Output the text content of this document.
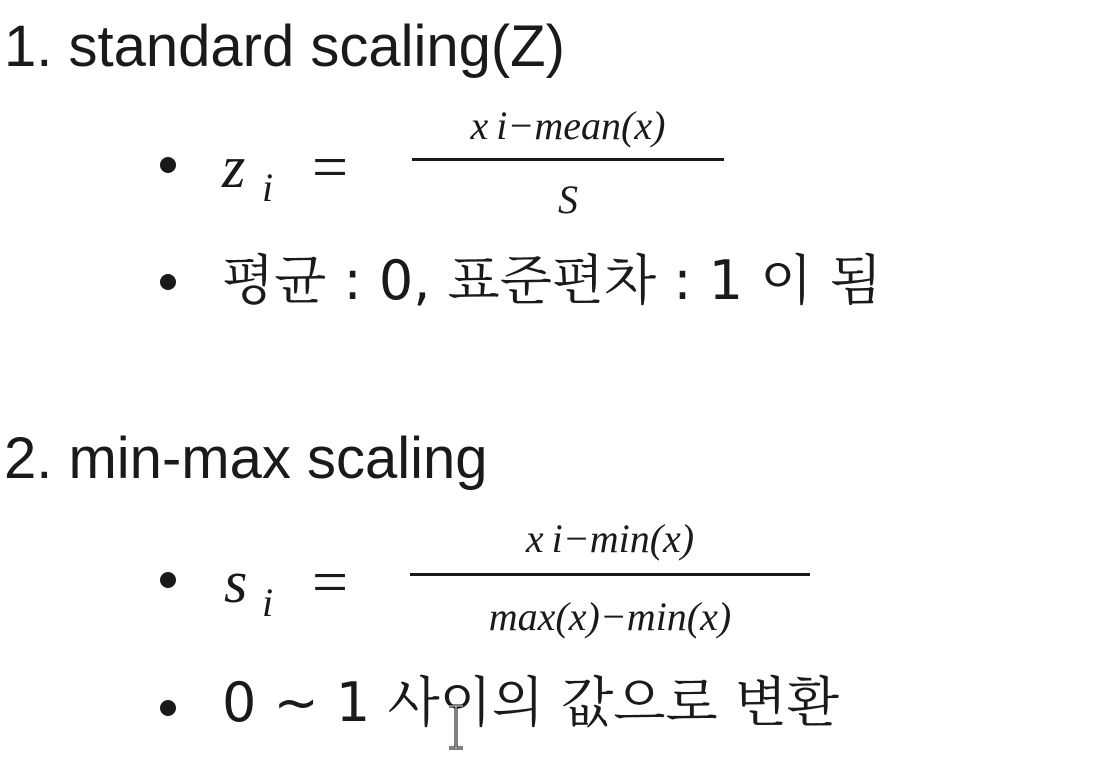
1. standard scaling(Z)
z i =
x i−mean(x)
S
평균 : 0, 표준편차 : 1 이 됨
2. min-max scaling
s i =
x i−min(x)
max(x)−min(x)
0 ~ 1 사이의 값으로 변환
